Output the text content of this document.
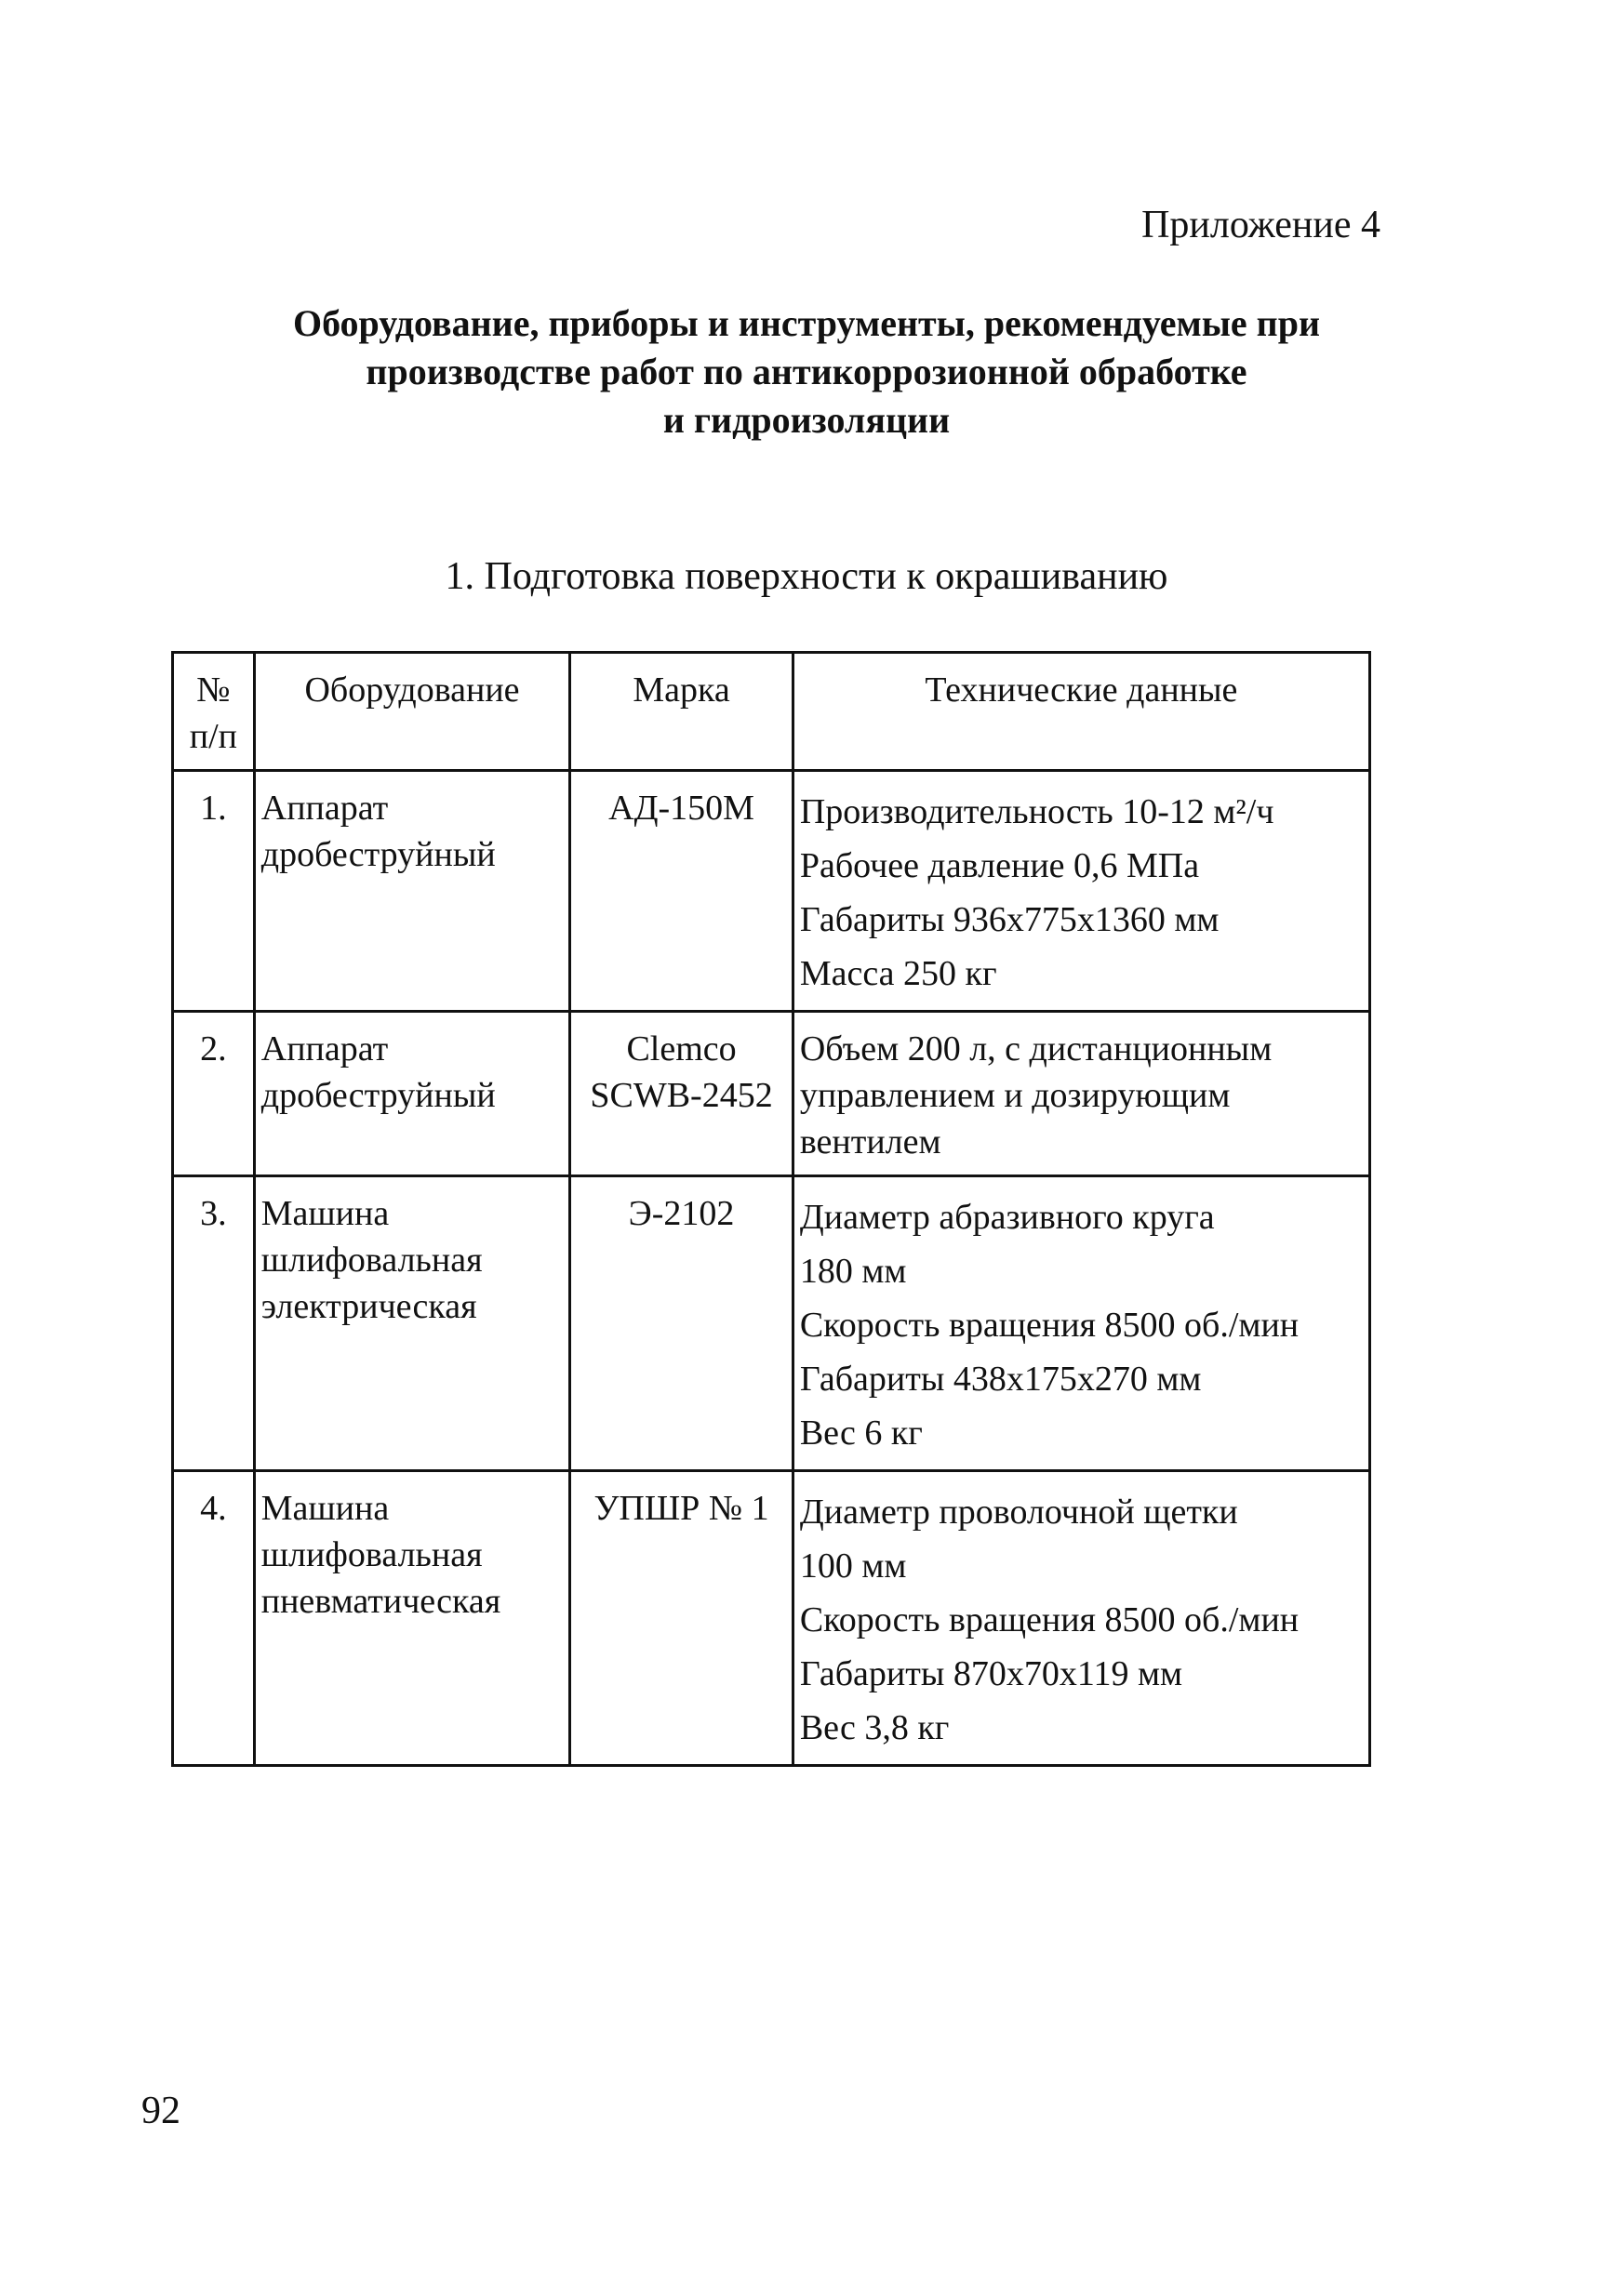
Приложение 4
Оборудование, приборы и инструменты, рекомендуемые при
производстве работ по антикоррозионной обработке
и гидроизоляции
1. Подготовка поверхности к окрашиванию
№ п/п	Оборудование	Марка	Технические данные
1.	Аппарат дробеструйный	АД-150М	Производительность 10-12 м²/ч
Рабочее давление 0,6 МПа
Габариты 936х775х1360 мм
Масса 250 кг

2.	Аппарат дробеструйный	Clemco SCWB-2452	Объем 200 л, с дистанционным
управлением и дозирующим
вентилем

3.	Машина шлифовальная электрическая	Э-2102	Диаметр абразивного круга
180 мм
Скорость вращения 8500 об./мин
Габариты 438х175х270 мм
Вес 6 кг

4.	Машина шлифовальная пневматическая	УПШР № 1	Диаметр проволочной щетки
100 мм
Скорость вращения 8500 об./мин
Габариты 870х70х119 мм
Вес 3,8 кг
92
